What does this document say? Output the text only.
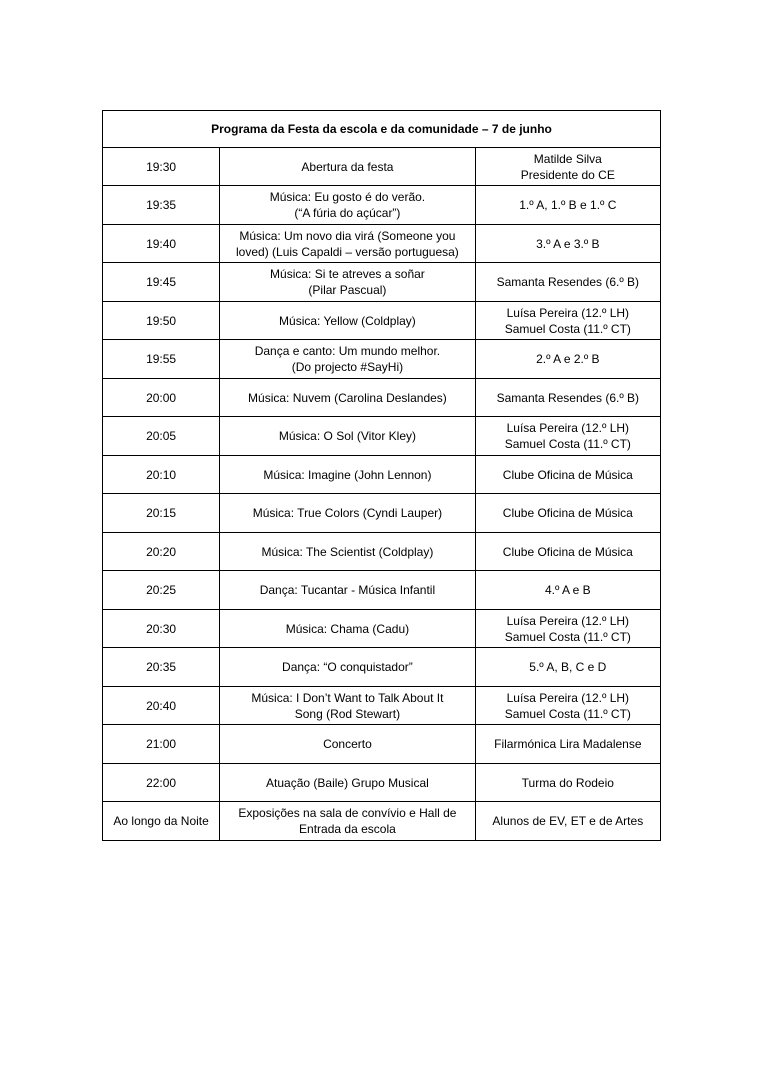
Programa da Festa da escola e da comunidade – 7 de junho		
19:30	Abertura da festa	Matilde Silva
Presidente do CE

19:35	Música: Eu gosto é do verão.
(“A fúria do açúcar”)	1.º A, 1.º B e 1.º C

19:40	Música: Um novo dia virá (Someone you
loved) (Luis Capaldi – versão portuguesa)	3.º A e 3.º B

19:45	Música: Si te atreves a soñar
(Pilar Pascual)	Samanta Resendes (6.º B)

19:50	Música: Yellow (Coldplay)	Luísa Pereira (12.º LH)
Samuel Costa (11.º CT)

19:55	Dança e canto: Um mundo melhor.
(Do projecto #SayHi)	2.º A e 2.º B

20:00	Música: Nuvem (Carolina Deslandes)	Samanta Resendes (6.º B)

20:05	Música: O Sol (Vitor Kley)	Luísa Pereira (12.º LH)
Samuel Costa (11.º CT)

20:10	Música: Imagine (John Lennon)	Clube Oficina de Música

20:15	Música: True Colors (Cyndi Lauper)	Clube Oficina de Música

20:20	Música: The Scientist (Coldplay)	Clube Oficina de Música

20:25	Dança: Tucantar - Música Infantil	4.º A e B

20:30	Música: Chama (Cadu)	Luísa Pereira (12.º LH)
Samuel Costa (11.º CT)

20:35	Dança: “O conquistador”	5.º A, B, C e D

20:40	Música: I Don’t Want to Talk About It
Song (Rod Stewart)	Luísa Pereira (12.º LH)
Samuel Costa (11.º CT)

21:00	Concerto	Filarmónica Lira Madalense

22:00	Atuação (Baile) Grupo Musical	Turma do Rodeio

Ao longo da Noite	Exposições na sala de convívio e Hall de
Entrada da escola	Alunos de EV, ET e de Artes
